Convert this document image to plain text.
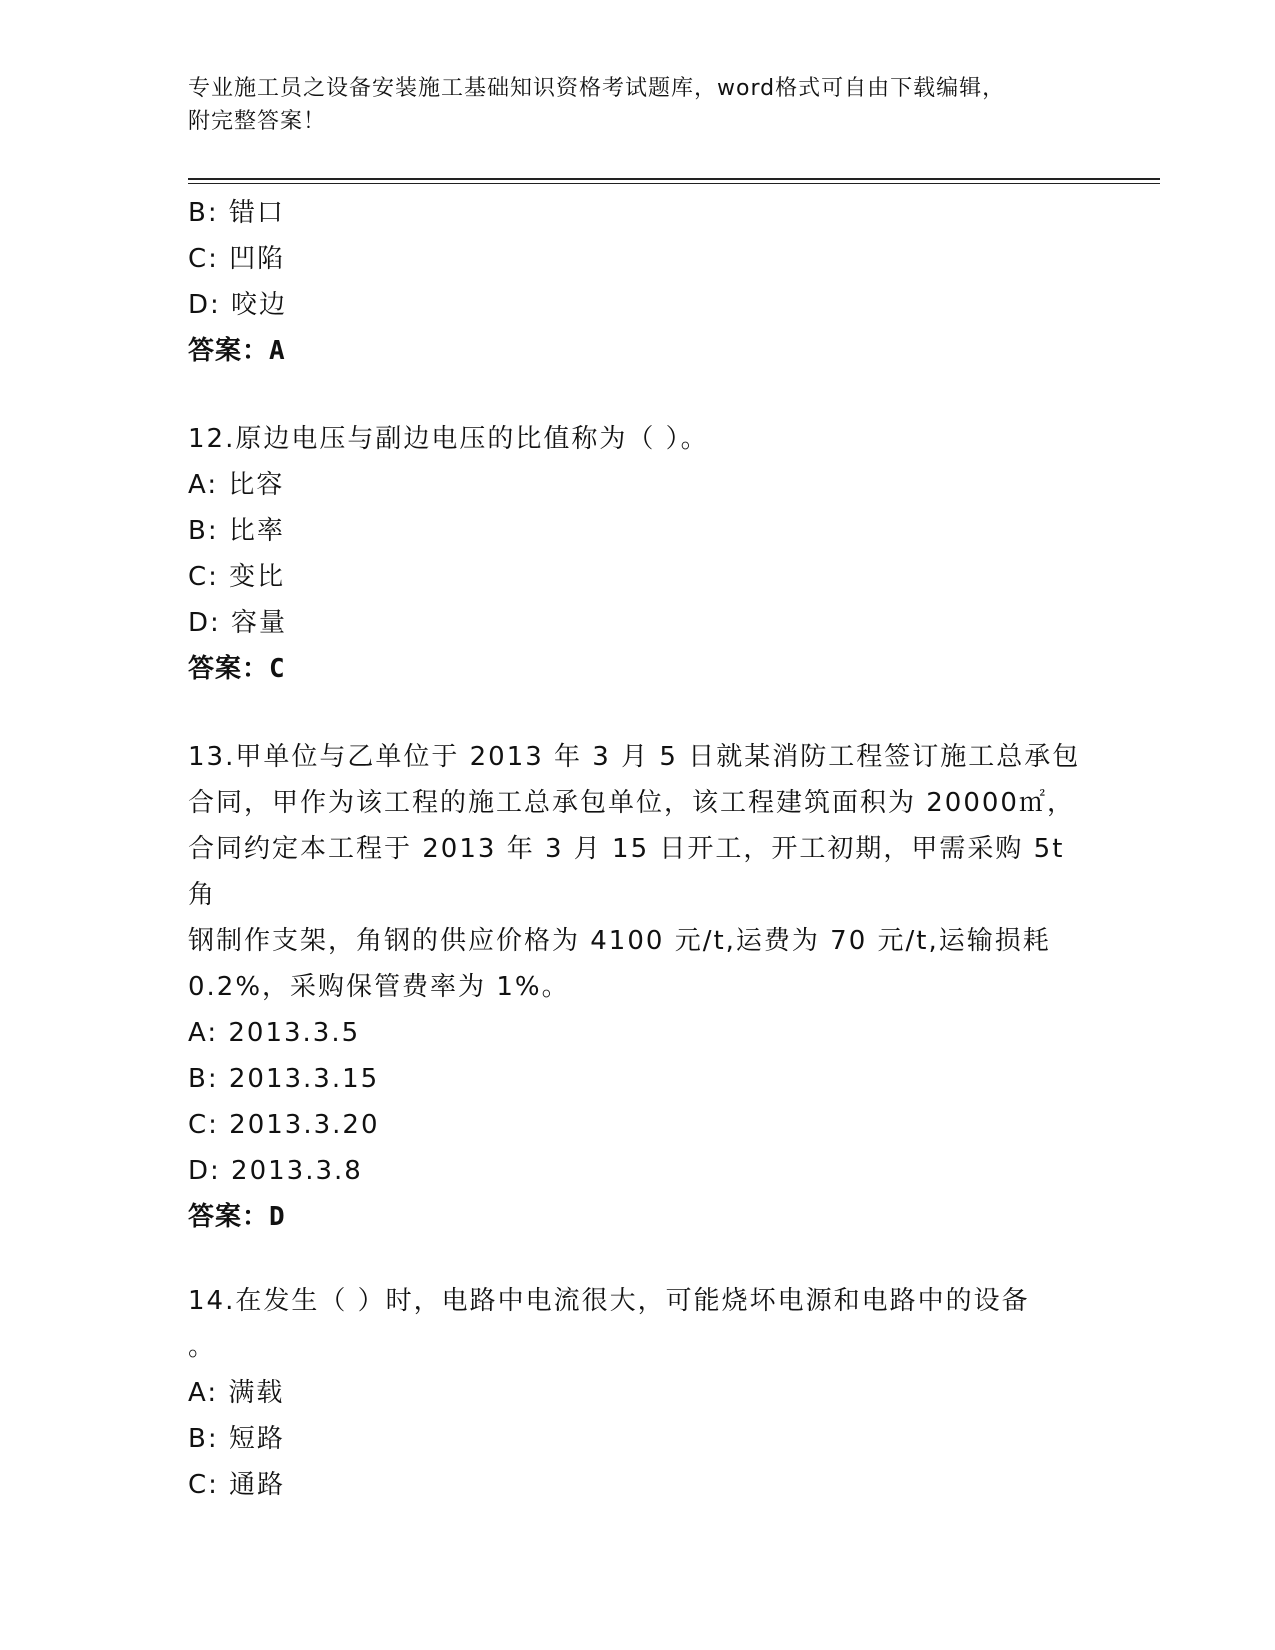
专业施工员之设备安装施工基础知识资格考试题库，word格式可自由下载编辑，
附完整答案！
B: 错口
C: 凹陷
D: 咬边
答案：A
12.原边电压与副边电压的比值称为（ ）。
A: 比容
B: 比率
C: 变比
D: 容量
答案：C
13.甲单位与乙单位于 2013 年 3 月 5 日就某消防工程签订施工总承包
合同，甲作为该工程的施工总承包单位，该工程建筑面积为 20000㎡，
合同约定本工程于 2013 年 3 月 15 日开工，开工初期，甲需采购 5t 角
钢制作支架，角钢的供应价格为 4100 元/t,运费为 70 元/t,运输损耗
0.2%，采购保管费率为 1%。
A: 2013.3.5
B: 2013.3.15
C: 2013.3.20
D: 2013.3.8
答案：D
14.在发生（ ）时，电路中电流很大，可能烧坏电源和电路中的设备
。
A: 满载
B: 短路
C: 通路
